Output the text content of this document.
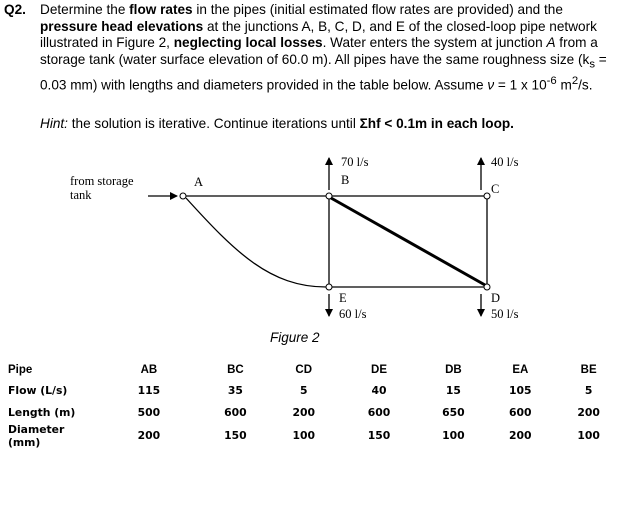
Q2. Determine the flow rates in the pipes (initial estimated flow rates are provided) and the pressure head elevations at the junctions A, B, C, D, and E of the closed-loop pipe network illustrated in Figure 2, neglecting local losses. Water enters the system at junction A from a storage tank (water surface elevation of 60.0 m). All pipes have the same roughness size ($k_s = 0.03$ mm) with lengths and diameters provided in the table below. Assume ν = 1 x $10^{-6}$ $m^2/s$.
Hint: the solution is iterative. Continue iterations until Σhf < 0.1m in each loop.
from storage
tank
A
70 l/s
B
40 l/s
C
D
50 l/s
E
60 l/s
Figure 2
Pipe	AB	BC	CD	DE	DB	EA	BE
Flow (L/s)	115	35	5	40	15	105	5
Length (m)	500	600	200	600	650	600	200
Diameter (mm)	200	150	100	150	100	200	100
